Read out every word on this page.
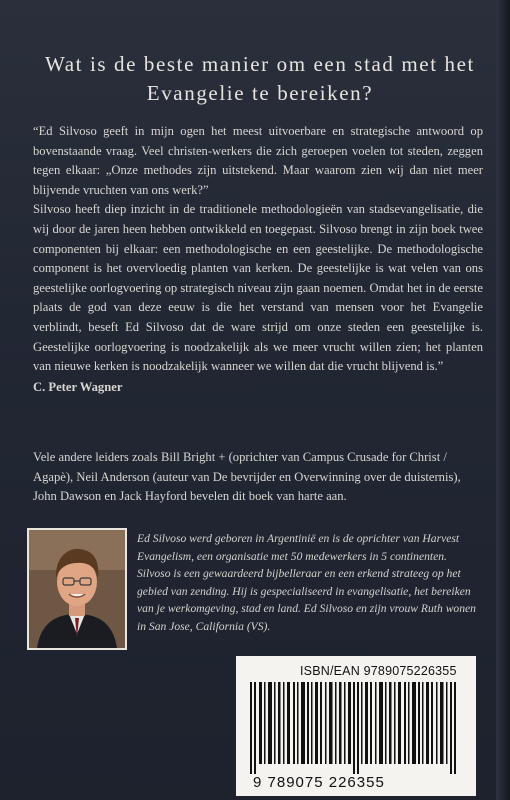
Wat is de beste manier om een stad met het Evangelie te bereiken?

“Ed Silvoso geeft in mijn ogen het meest uitvoerbare en strategische antwoord op bovenstaande vraag. Veel christen-werkers die zich geroepen voelen tot steden, zeggen tegen elkaar: „Onze methodes zijn uitstekend. Maar waarom zien wij dan niet meer blijvende vruchten van ons werk?”

Silvoso heeft diep inzicht in de traditionele methodologieën van stadsevangelisatie, die wij door de jaren heen hebben ontwikkeld en toegepast. Silvoso brengt in zijn boek twee componenten bij elkaar: een methodologische en een geestelijke. De methodologische component is het overvloedig planten van kerken. De geestelijke is wat velen van ons geestelijke oorlogvoering op strategisch niveau zijn gaan noemen. Omdat het in de eerste plaats de god van deze eeuw is die het verstand van mensen voor het Evangelie verblindt, beseft Ed Silvoso dat de ware strijd om onze steden een geestelijke is. Geestelijke oorlogvoering is noodzakelijk als we meer vrucht willen zien; het planten van nieuwe kerken is noodzakelijk wanneer we willen dat die vrucht blijvend is.”

C. Peter Wagner

Vele andere leiders zoals Bill Bright + (oprichter van Campus Crusade for Christ / Agapè), Neil Anderson (auteur van De bevrijder en Overwinning over de duisternis), John Dawson en Jack Hayford bevelen dit boek van harte aan.

Ed Silvoso werd geboren in Argentinië en is de oprichter van Harvest Evangelism, een organisatie met 50 medewerkers in 5 continenten. Silvoso is een gewaardeerd bijbelleraar en een erkend strateeg op het gebied van zending. Hij is gespecialiseerd in evangelisatie, het bereiken van je werkomgeving, stad en land. Ed Silvoso en zijn vrouw Ruth wonen in San Jose, California (VS).

ISBN/EAN 9789075226355
9 789075 226355
